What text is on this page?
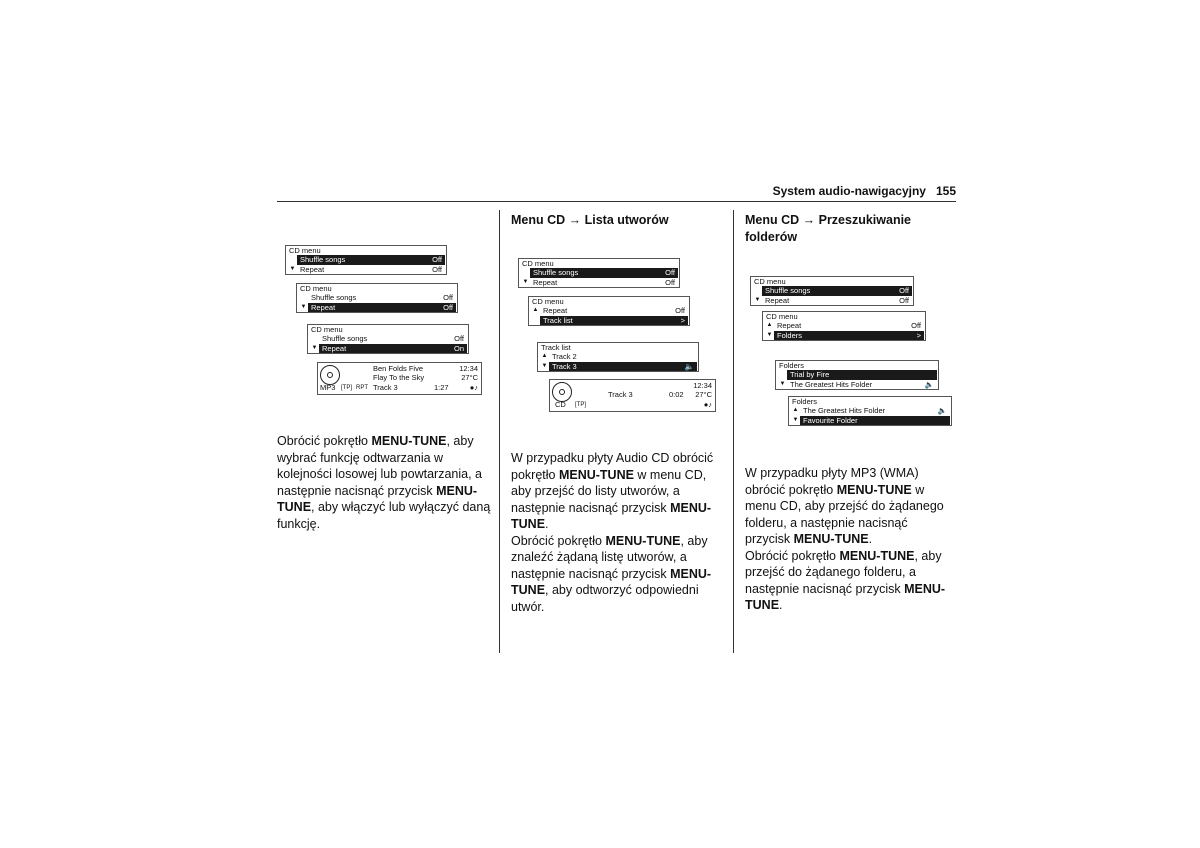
System audio-nawigacyjny 155
CD menu
Shuffle songs	Off
▼ Repeat	Off
CD menu
Shuffle songs	Off
▼ Repeat	Off
CD menu
Shuffle songs	Off
▼ Repeat	On
Ben Folds Five	12:34
Flay To the Sky	27°C
MP3 [TP] RPT Track 3	1:27	●♪

Obrócić pokrętło MENU-TUNE, aby wybrać funkcję odtwarzania w kolejności losowej lub powtarzania, a następnie nacisnąć przycisk MENU-TUNE, aby włączyć lub wyłączyć daną funkcję.

Menu CD → Lista utworów
CD menu
Shuffle songs	Off
▼ Repeat	Off
CD menu
▲ Repeat	Off
Track list	>
Track list
▲ Track 2
▼ Track 3	🔈
12:34
Track 3	0:02 27°C
CD [TP]	●♪

W przypadku płyty Audio CD obrócić pokrętło MENU-TUNE w menu CD, aby przejść do listy utworów, a następnie nacisnąć przycisk MENU-TUNE.

Obrócić pokrętło MENU-TUNE, aby znaleźć żądaną listę utworów, a następnie nacisnąć przycisk MENU-TUNE, aby odtworzyć odpowiedni utwór.

Menu CD → Przeszukiwanie folderów
CD menu
Shuffle songs	Off
▼ Repeat	Off
CD menu
▲ Repeat	Off
▼ Folders	>
Folders
Trial by Fire
▼ The Greatest Hits Folder	🔈
Folders
▲ The Greatest Hits Folder	🔈
▼ Favourite Folder

W przypadku płyty MP3 (WMA) obrócić pokrętło MENU-TUNE w menu CD, aby przejść do żądanego folderu, a następnie nacisnąć przycisk MENU-TUNE.

Obrócić pokrętło MENU-TUNE, aby przejść do żądanego folderu, a następnie nacisnąć przycisk MENU-TUNE.
